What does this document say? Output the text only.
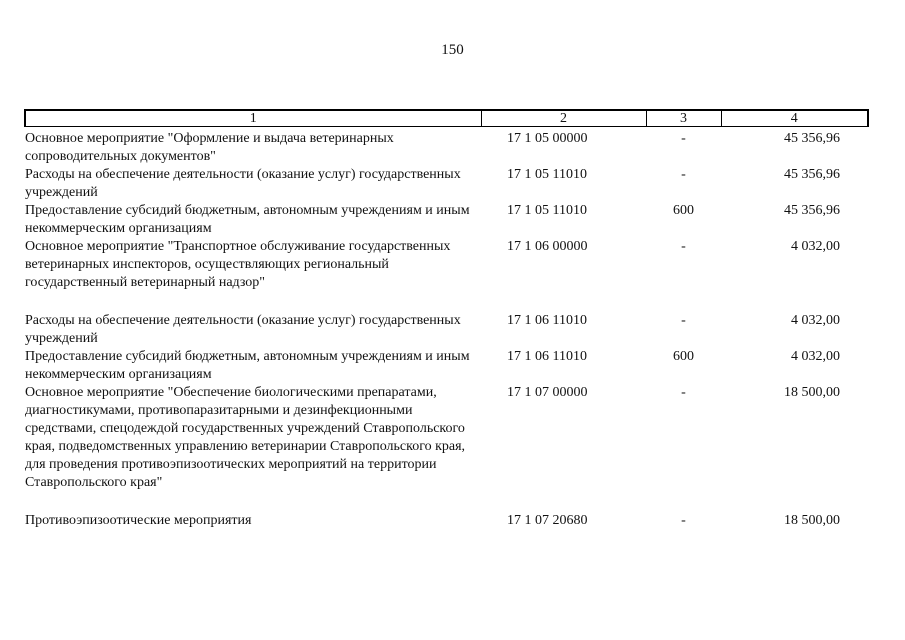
150
1	2	3	4
Основное мероприятие "Оформление и выдача ветеринарных сопроводительных документов"	17 1 05 00000	-	45 356,96
Расходы на обеспечение деятельности (оказание услуг) государственных учреждений	17 1 05 11010	-	45 356,96
Предоставление субсидий бюджетным, автономным учреждениям и иным некоммерческим организациям	17 1 05 11010	600	45 356,96
Основное мероприятие "Транспортное обслуживание государственных ветеринарных инспекторов, осуществляющих региональный государственный ветеринарный надзор"	17 1 06 00000	-	4 032,00
Расходы на обеспечение деятельности (оказание услуг) государственных учреждений	17 1 06 11010	-	4 032,00
Предоставление субсидий бюджетным, автономным учреждениям и иным некоммерческим организациям	17 1 06 11010	600	4 032,00
Основное мероприятие "Обеспечение биологическими препаратами, диагностикумами, противопаразитарными и дезинфекционными средствами, спецодеждой государственных учреждений Ставропольского края, подведомственных управлению ветеринарии Ставропольского края, для проведения противоэпизоотических мероприятий на территории Ставропольского края"	17 1 07 00000	-	18 500,00
Противоэпизоотические мероприятия	17 1 07 20680	-	18 500,00
